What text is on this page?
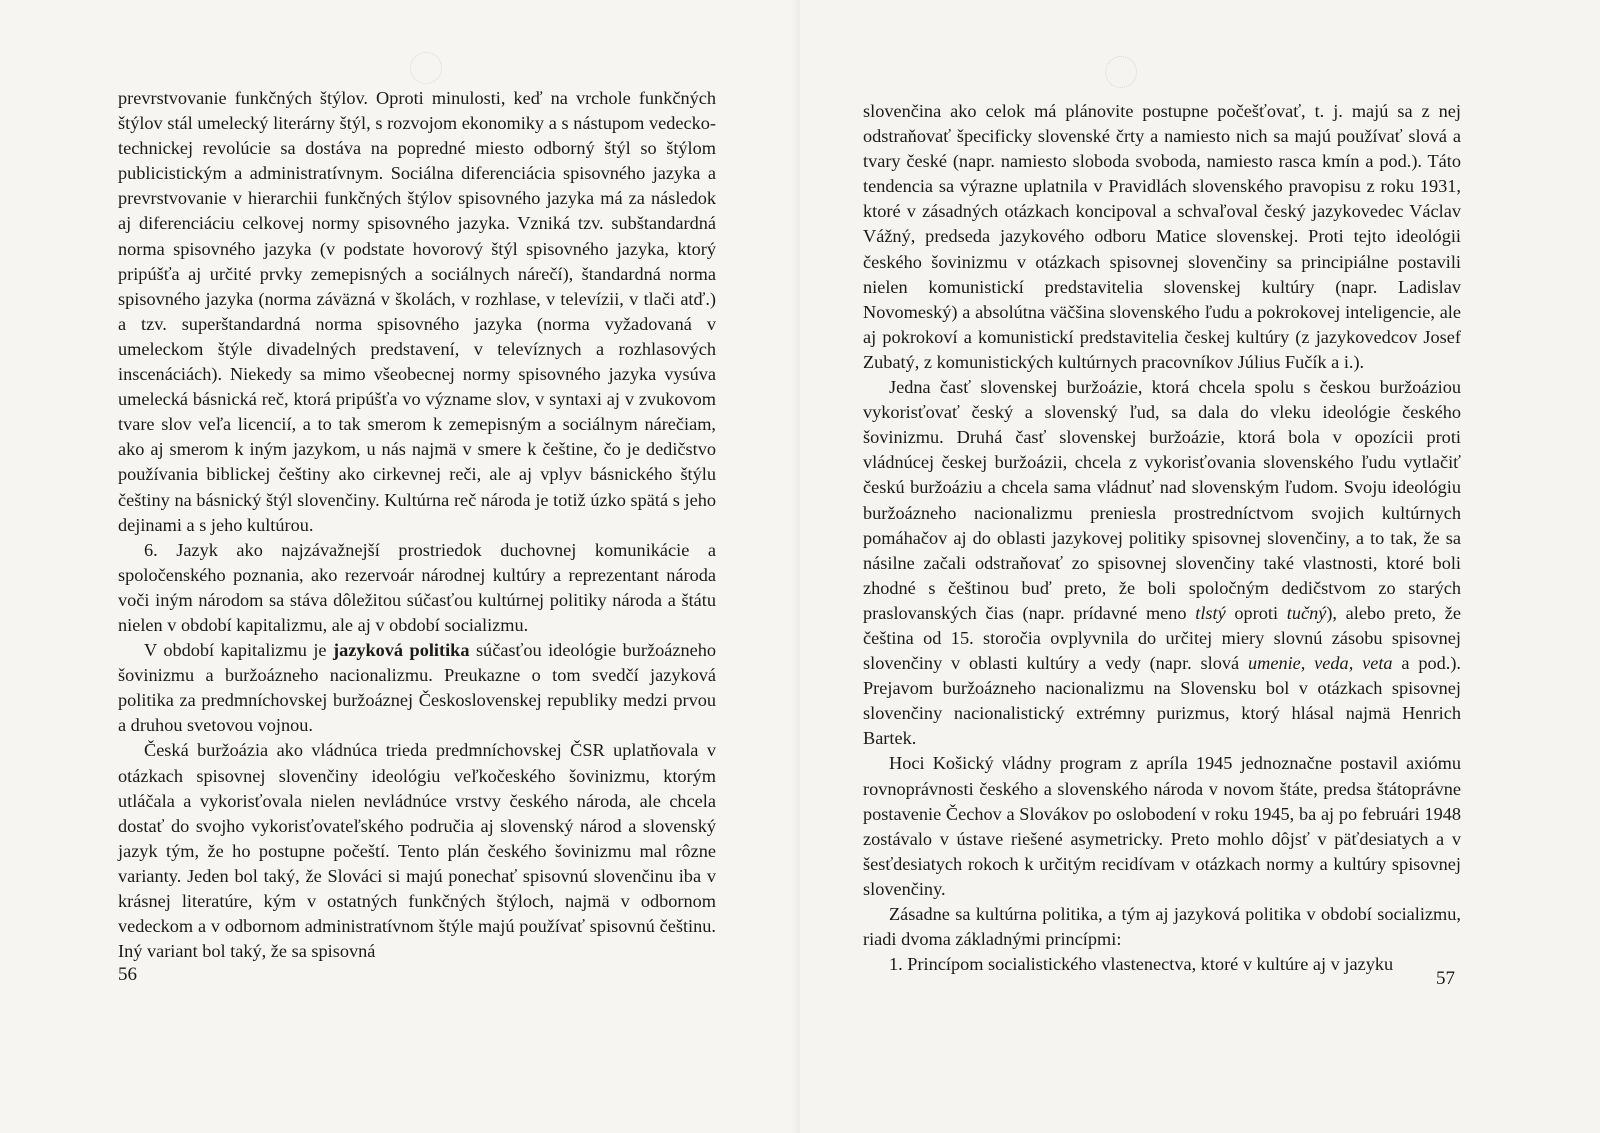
prevrstvovanie funkčných štýlov. Oproti minulosti, keď na vrchole funkčných štýlov stál umelecký literárny štýl, s rozvojom ekonomiky a s nástupom vedecko-technickej revolúcie sa dostáva na popredné miesto odborný štýl so štýlom publicistickým a administratívnym. Sociálna diferenciácia spisovného jazyka a prevrstvovanie v hierarchii funkčných štýlov spisovného jazyka má za následok aj diferenciáciu celkovej normy spisovného jazyka. Vzniká tzv. subštandardná norma spisovného jazyka (v podstate hovorový štýl spisovného jazyka, ktorý pripúšťa aj určité prvky zemepisných a sociálnych nárečí), štandardná norma spisovného jazyka (norma záväzná v školách, v rozhlase, v televízii, v tlači atď.) a tzv. superštandardná norma spisovného jazyka (norma vyžadovaná v umeleckom štýle divadelných predstavení, v televíznych a rozhlasových inscenáciách). Niekedy sa mimo všeobecnej normy spisovného jazyka vysúva umelecká básnická reč, ktorá pripúšťa vo význame slov, v syntaxi aj v zvukovom tvare slov veľa licencií, a to tak smerom k zemepisným a sociálnym nárečiam, ako aj smerom k iným jazykom, u nás najmä v smere k češtine, čo je dedičstvo používania biblickej češtiny ako cirkevnej reči, ale aj vplyv básnického štýlu češtiny na básnický štýl slovenčiny. Kultúrna reč národa je totiž úzko spätá s jeho dejinami a s jeho kultúrou.

6. Jazyk ako najzávažnejší prostriedok duchovnej komunikácie a spoločenského poznania, ako rezervoár národnej kultúry a reprezentant národa voči iným národom sa stáva dôležitou súčasťou kultúrnej politiky národa a štátu nielen v období kapitalizmu, ale aj v období socializmu.

V období kapitalizmu je jazyková politika súčasťou ideológie buržoázneho šovinizmu a buržoázneho nacionalizmu. Preukazne o tom svedčí jazyková politika za predmníchovskej buržoáznej Československej republiky medzi prvou a druhou svetovou vojnou.

Česká buržoázia ako vládnúca trieda predmníchovskej ČSR uplatňovala v otázkach spisovnej slovenčiny ideológiu veľkočeského šovinizmu, ktorým utláčala a vykorisťovala nielen nevládnúce vrstvy českého národa, ale chcela dostať do svojho vykorisťovateľského područia aj slovenský národ a slovenský jazyk tým, že ho postupne počeští. Tento plán českého šovinizmu mal rôzne varianty. Jeden bol taký, že Slováci si majú ponechať spisovnú slovenčinu iba v krásnej literatúre, kým v ostatných funkčných štýloch, najmä v odbornom vedeckom a v odbornom administratívnom štýle majú používať spisovnú češtinu. Iný variant bol taký, že sa spisovná

56

slovenčina ako celok má plánovite postupne počešťovať, t. j. majú sa z nej odstraňovať špecificky slovenské črty a namiesto nich sa majú používať slová a tvary české (napr. namiesto sloboda svoboda, namiesto rasca kmín a pod.). Táto tendencia sa výrazne uplatnila v Pravidlách slovenského pravopisu z roku 1931, ktoré v zásadných otázkach koncipoval a schvaľoval český jazykovedec Václav Vážný, predseda jazykového odboru Matice slovenskej. Proti tejto ideológii českého šovinizmu v otázkach spisovnej slovenčiny sa principiálne postavili nielen komunistickí predstavitelia slovenskej kultúry (napr. Ladislav Novomeský) a absolútna väčšina slovenského ľudu a pokrokovej inteligencie, ale aj pokrokoví a komunistickí predstavitelia českej kultúry (z jazykovedcov Josef Zubatý, z komunistických kultúrnych pracovníkov Július Fučík a i.).

Jedna časť slovenskej buržoázie, ktorá chcela spolu s českou buržoáziou vykorisťovať český a slovenský ľud, sa dala do vleku ideológie českého šovinizmu. Druhá časť slovenskej buržoázie, ktorá bola v opozícii proti vládnúcej českej buržoázii, chcela z vykorisťovania slovenského ľudu vytlačiť českú buržoáziu a chcela sama vládnuť nad slovenským ľudom. Svoju ideológiu buržoázneho nacionalizmu preniesla prostredníctvom svojich kultúrnych pomáhačov aj do oblasti jazykovej politiky spisovnej slovenčiny, a to tak, že sa násilne začali odstraňovať zo spisovnej slovenčiny také vlastnosti, ktoré boli zhodné s češtinou buď preto, že boli spoločným dedičstvom zo starých praslovanských čias (napr. prídavné meno tlstý oproti tučný), alebo preto, že čeština od 15. storočia ovplyvnila do určitej miery slovnú zásobu spisovnej slovenčiny v oblasti kultúry a vedy (napr. slová umenie, veda, veta a pod.). Prejavom buržoázneho nacionalizmu na Slovensku bol v otázkach spisovnej slovenčiny nacionalistický extrémny purizmus, ktorý hlásal najmä Henrich Bartek.

Hoci Košický vládny program z apríla 1945 jednoznačne postavil axiómu rovnoprávnosti českého a slovenského národa v novom štáte, predsa štátoprávne postavenie Čechov a Slovákov po oslobodení v roku 1945, ba aj po februári 1948 zostávalo v ústave riešené asymetricky. Preto mohlo dôjsť v päťdesiatych a v šesťdesiatych rokoch k určitým recidívam v otázkach normy a kultúry spisovnej slovenčiny.

Zásadne sa kultúrna politika, a tým aj jazyková politika v období socializmu, riadi dvoma základnými princípmi:

1. Princípom socialistického vlastenectva, ktoré v kultúre aj v jazyku

57
